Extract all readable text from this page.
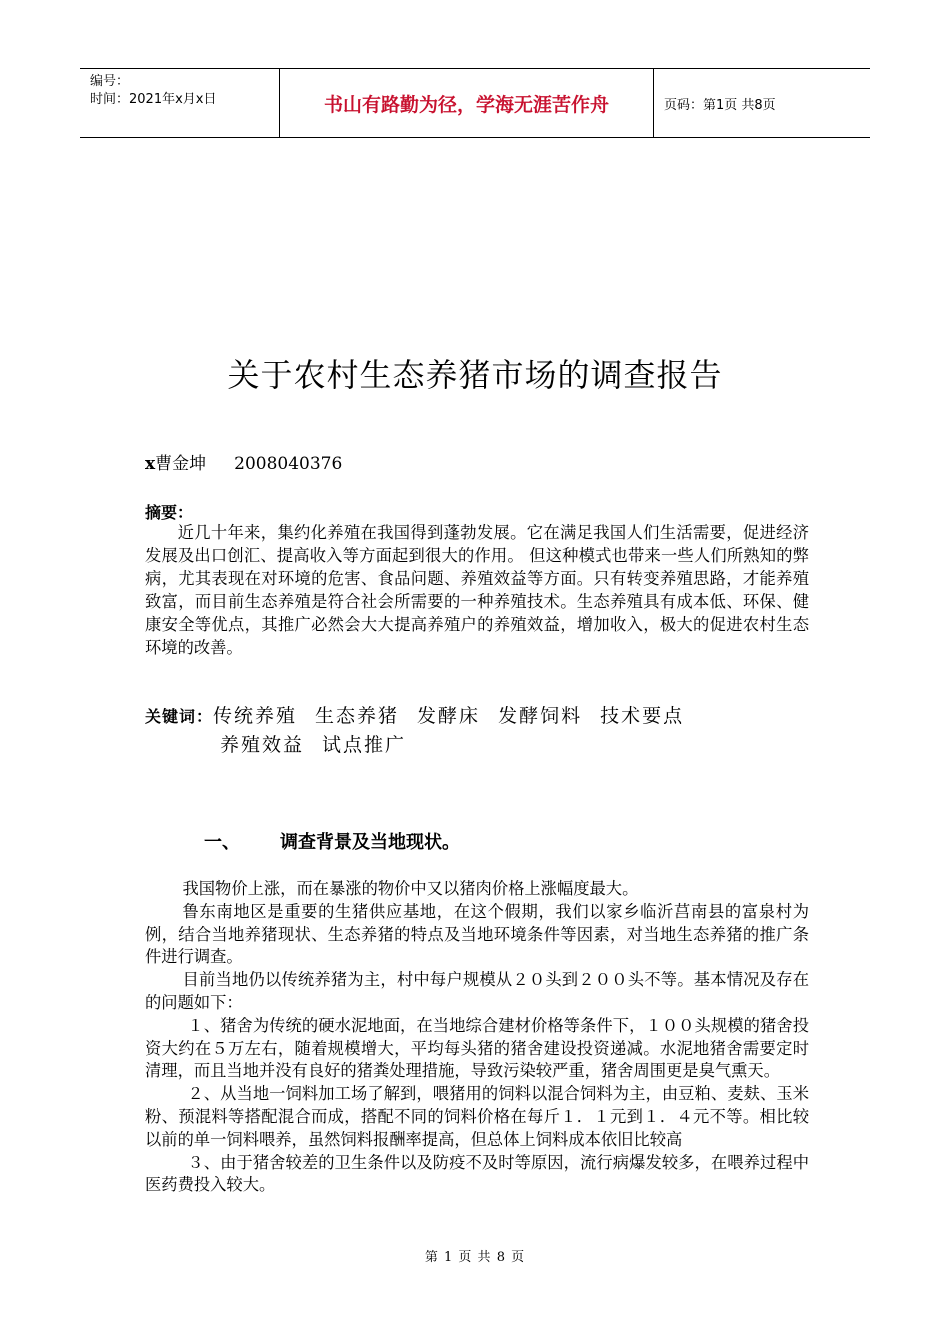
编号：
时间：2021年x月x日	书山有路勤为径，学海无涯苦作舟	页码：第1页 共8页
关于农村生态养猪市场的调查报告
x曹金坤 2008040376
摘要：
近几十年来，集约化养殖在我国得到蓬勃发展。它在满足我国人们生活需要，促进经济发展及出口创汇、提高收入等方面起到很大的作用。 但这种模式也带来一些人们所熟知的弊病，尤其表现在对环境的危害、食品问题、养殖效益等方面。只有转变养殖思路，才能养殖致富，而目前生态养殖是符合社会所需要的一种养殖技术。生态养殖具有成本低、环保、健康安全等优点，其推广必然会大大提高养殖户的养殖效益，增加收入，极大的促进农村生态环境的改善。
关键词：传统养殖 生态养猪 发酵床 发酵饲料 技术要点
养殖效益 试点推广
一、 调查背景及当地现状。

我国物价上涨，而在暴涨的物价中又以猪肉价格上涨幅度最大。

鲁东南地区是重要的生猪供应基地，在这个假期，我们以家乡临沂莒南县的富泉村为例，结合当地养猪现状、生态养猪的特点及当地环境条件等因素，对当地生态养猪的推广条件进行调查。

目前当地仍以传统养猪为主，村中每户规模从２０头到２００头不等。基本情况及存在的问题如下：

１、猪舍为传统的硬水泥地面，在当地综合建材价格等条件下，１００头规模的猪舍投资大约在５万左右，随着规模增大，平均每头猪的猪舍建设投资递减。水泥地猪舍需要定时清理，而且当地并没有良好的猪粪处理措施，导致污染较严重，猪舍周围更是臭气熏天。

２、从当地一饲料加工场了解到，喂猪用的饲料以混合饲料为主，由豆粕、麦麸、玉米粉、预混料等搭配混合而成，搭配不同的饲料价格在每斤１．１元到１．４元不等。相比较以前的单一饲料喂养，虽然饲料报酬率提高，但总体上饲料成本依旧比较高

３、由于猪舍较差的卫生条件以及防疫不及时等原因，流行病爆发较多，在喂养过程中医药费投入较大。

第 1 页 共 8 页
